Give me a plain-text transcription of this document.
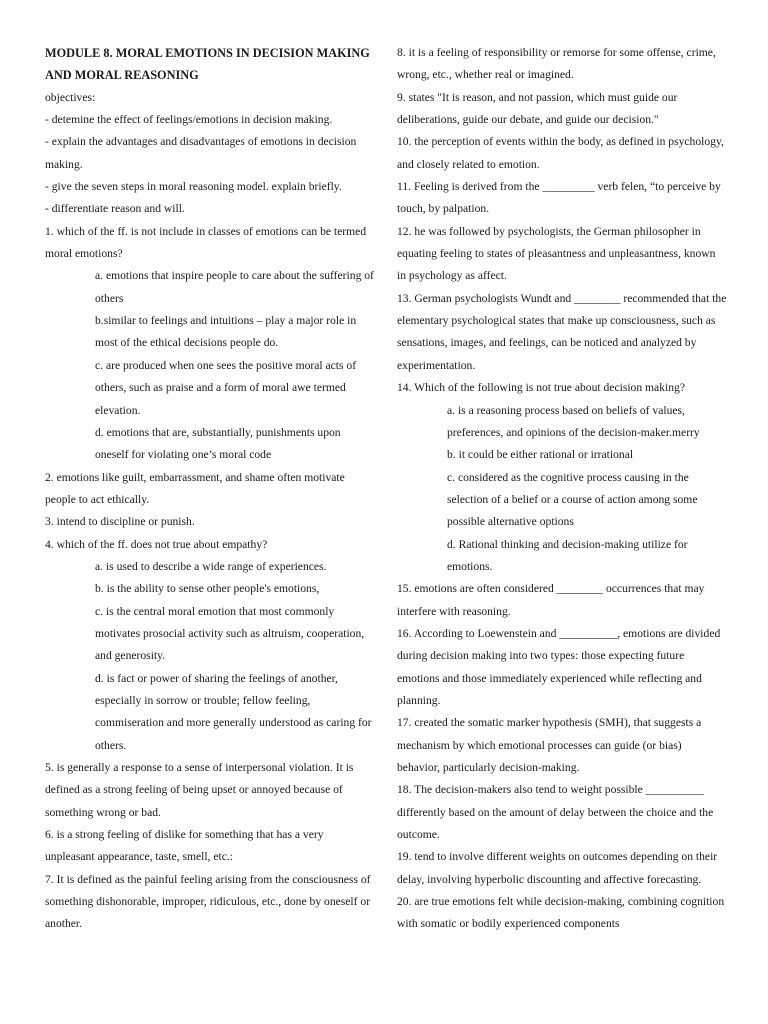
MODULE 8. MORAL EMOTIONS IN DECISION MAKING AND MORAL REASONING

objectives:

- detemine the effect of feelings/emotions in decision making.

- explain the advantages and disadvantages of emotions in decision making.

- give the seven steps in moral reasoning model. explain briefly.

- differentiate reason and will.

1. which of the ff. is not include in classes of emotions can be termed moral emotions?

a. emotions that inspire people to care about the suffering of others

b.similar to feelings and intuitions – play a major role in most of the ethical decisions people do.

c. are produced when one sees the positive moral acts of others, such as praise and a form of moral awe termed elevation.

d. emotions that are, substantially, punishments upon oneself for violating one’s moral code

2. emotions like guilt, embarrassment, and shame often motivate people to act ethically.

3. intend to discipline or punish.

4. which of the ff. does not true about empathy?

a. is used to describe a wide range of experiences.

b. is the ability to sense other people's emotions,

c. is the central moral emotion that most commonly motivates prosocial activity such as altruism, cooperation, and generosity.

d. is fact or power of sharing the feelings of another, especially in sorrow or trouble; fellow feeling, commiseration and more generally understood as caring for others.

5. is generally a response to a sense of interpersonal violation. It is defined as a strong feeling of being upset or annoyed because of something wrong or bad.

6. is a strong feeling of dislike for something that has a very unpleasant appearance, taste, smell, etc.:

7. It is defined as the painful feeling arising from the consciousness of something dishonorable, improper, ridiculous, etc., done by oneself or another.

8. it is a feeling of responsibility or remorse for some offense, crime, wrong, etc., whether real or imagined.

9. states "It is reason, and not passion, which must guide our deliberations, guide our debate, and guide our decision."

10. the perception of events within the body, as defined in psychology, and closely related to emotion.

11. Feeling is derived from the _________ verb felen, “to perceive by touch, by palpation.

12. he was followed by psychologists, the German philosopher in equating feeling to states of pleasantness and unpleasantness, known in psychology as affect.

13. German psychologists Wundt and ________ recommended that the elementary psychological states that make up consciousness, such as sensations, images, and feelings, can be noticed and analyzed by experimentation.

14. Which of the following is not true about decision making?

a. is a reasoning process based on beliefs of values, preferences, and opinions of the decision-maker.merry

b. it could be either rational or irrational

c. considered as the cognitive process causing in the selection of a belief or a course of action among some possible alternative options

d. Rational thinking and decision-making utilize for emotions.

15. emotions are often considered ________ occurrences that may interfere with reasoning.

16. According to Loewenstein and __________, emotions are divided during decision making into two types: those expecting future emotions and those immediately experienced while reflecting and planning.

17. created the somatic marker hypothesis (SMH), that suggests a mechanism by which emotional processes can guide (or bias) behavior, particularly decision-making.

18. The decision-makers also tend to weight possible __________ differently based on the amount of delay between the choice and the outcome.

19. tend to involve different weights on outcomes depending on their delay, involving hyperbolic discounting and affective forecasting.

20. are true emotions felt while decision-making, combining cognition with somatic or bodily experienced components
